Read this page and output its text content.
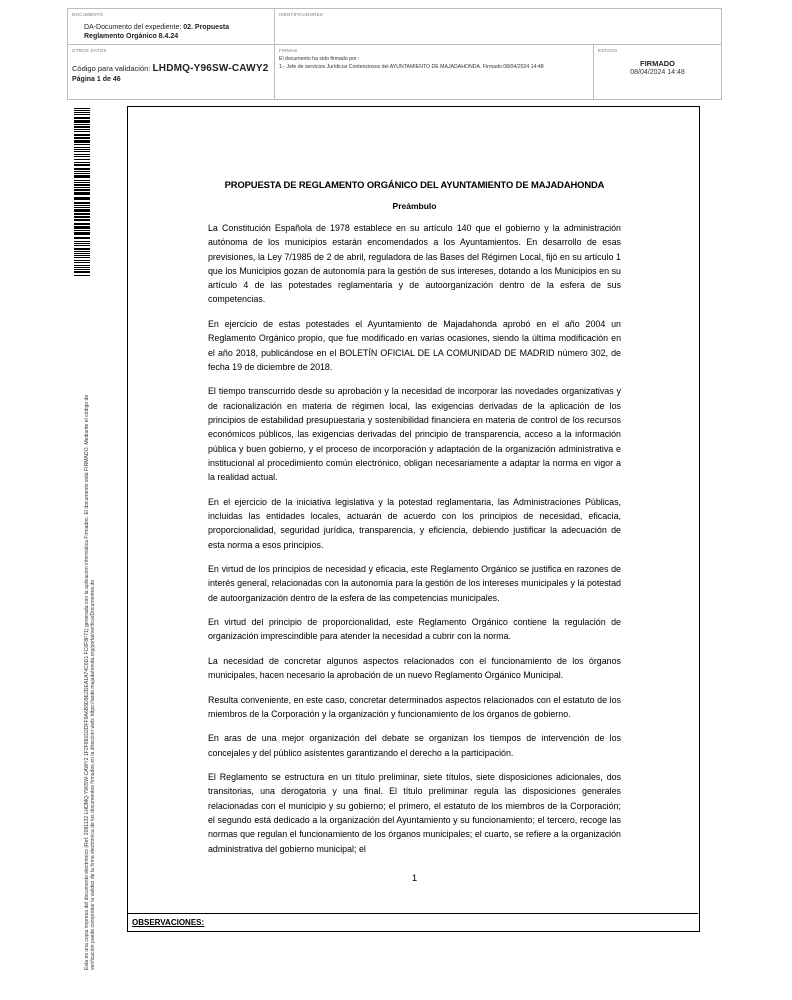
DOCUMENTO
DA-Documento del expediente: 02. Propuesta
Reglamento Orgánico 8.4.24
IDENTIFICADORES
OTROS DATOS
Código para validación: LHDMQ-Y96SW-CAWY2
Página 1 de 46
FIRMAS
El documento ha sido firmado por :
1.- Jefe de servicios Jurídicos Contenciosos del AYUNTAMIENTO DE MAJADAHONDA. Firmado 08/04/2024 14:48
ESTADO
FIRMADO
08/04/2024 14:48
Esta es una copia impresa del documento electrónico (Ref: 2091132 LHDMQ-Y96SW-CAWY2 1F2F891D2DFF9A6B6D9E2DEA1A74C6D1 FC0F8F71) generada con la aplicación informática Firmadoc. El documento está FIRMADO. Mediante el código de verificación puede comprobar la validez de la firma electrónica de los documentos firmados en la dirección web: https://sede.majadahonda.org/portal/verificarDocumentos.do
PROPUESTA DE REGLAMENTO ORGÁNICO DEL AYUNTAMIENTO DE MAJADAHONDA
Preámbulo

La Constitución Española de 1978 establece en su artículo 140 que el gobierno y la administración autónoma de los municipios estarán encomendados a los Ayuntamientos. En desarrollo de esas previsiones, la Ley 7/1985 de 2 de abril, reguladora de las Bases del Régimen Local, fijó en su artículo 1 que los Municipios gozan de autonomía para la gestión de sus intereses, dotando a los Municipios en su artículo 4 de las potestades reglamentaria y de autoorganización dentro de la esfera de sus competencias.

En ejercicio de estas potestades el Ayuntamiento de Majadahonda aprobó en el año 2004 un Reglamento Orgánico propio, que fue modificado en varias ocasiones, siendo la última modificación en el año 2018, publicándose en el BOLETÍN OFICIAL DE LA COMUNIDAD DE MADRID número 302, de fecha 19 de diciembre de 2018.

El tiempo transcurrido desde su aprobación y la necesidad de incorporar las novedades organizativas y de racionalización en materia de régimen local, las exigencias derivadas de la aplicación de los principios de estabilidad presupuestaria y sostenibilidad financiera en materia de control de los recursos económicos públicos, las exigencias derivadas del principio de transparencia, acceso a la información pública y buen gobierno, y el proceso de incorporación y adaptación de la organización administrativa e institucional al procedimiento común electrónico, obligan necesariamente a adaptar la norma en vigor a la realidad actual.

En el ejercicio de la iniciativa legislativa y la potestad reglamentaria, las Administraciones Públicas, incluidas las entidades locales, actuarán de acuerdo con los principios de necesidad, eficacia, proporcionalidad, seguridad jurídica, transparencia, y eficiencia, debiendo justificar la adecuación de esta norma a esos principios.

En virtud de los principios de necesidad y eficacia, este Reglamento Orgánico se justifica en razones de interés general, relacionadas con la autonomía para la gestión de los intereses municipales y la potestad de autoorganización dentro de la esfera de las competencias municipales.

En virtud del principio de proporcionalidad, este Reglamento Orgánico contiene la regulación de organización imprescindible para atender la necesidad a cubrir con la norma.

La necesidad de concretar algunos aspectos relacionados con el funcionamiento de los órganos municipales, hacen necesario la aprobación de un nuevo Reglamento Orgánico Municipal.

Resulta conveniente, en este caso, concretar determinados aspectos relacionados con el estatuto de los miembros de la Corporación y la organización y funcionamiento de los órganos de gobierno.

En aras de una mejor organización del debate se organizan los tiempos de intervención de los concejales y del público asistentes garantizando el derecho a la participación.

El Reglamento se estructura en un título preliminar, siete títulos, siete disposiciones adicionales, dos transitorias, una derogatoria y una final. El título preliminar regula las disposiciones generales relacionadas con el municipio y su gobierno; el primero, el estatuto de los miembros de la Corporación; el segundo está dedicado a la organización del Ayuntamiento y su funcionamiento; el tercero, recoge las normas que regulan el funcionamiento de los órganos municipales; el cuarto, se refiere a la organización administrativa del gobierno municipal; el

1
OBSERVACIONES:
